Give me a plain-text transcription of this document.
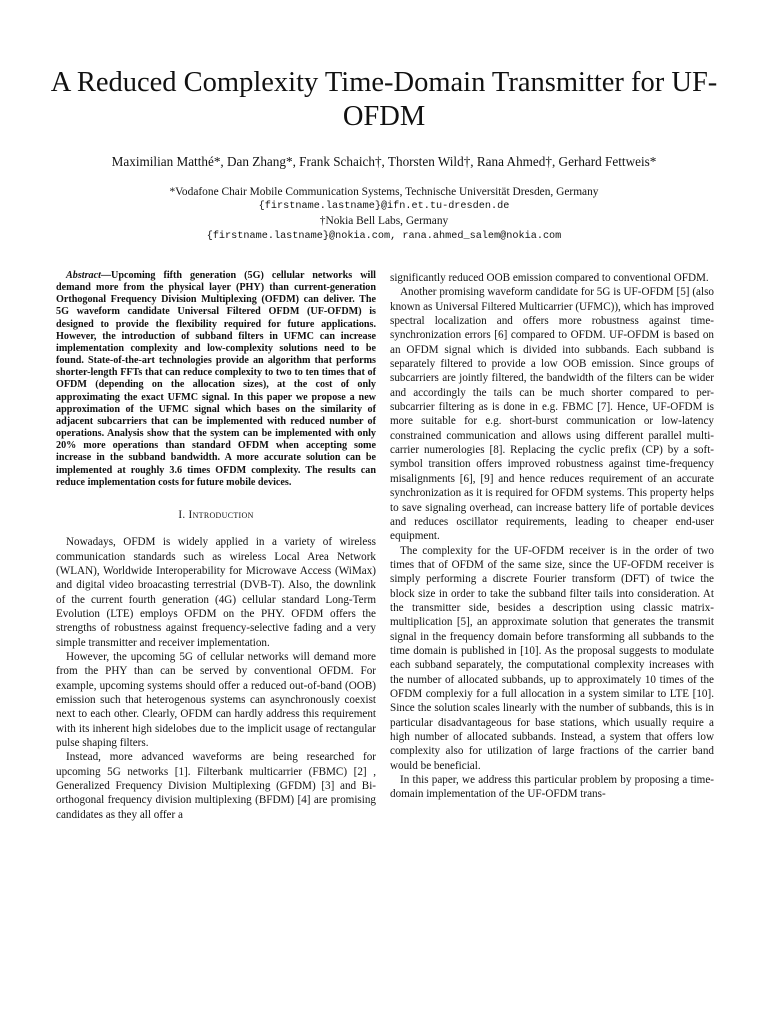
A Reduced Complexity Time-Domain Transmitter for UF-OFDM
Maximilian Matthé*, Dan Zhang*, Frank Schaich†, Thorsten Wild†, Rana Ahmed†, Gerhard Fettweis*
*Vodafone Chair Mobile Communication Systems, Technische Universität Dresden, Germany
{firstname.lastname}@ifn.et.tu-dresden.de
†Nokia Bell Labs, Germany
{firstname.lastname}@nokia.com, rana.ahmed_salem@nokia.com

Abstract—Upcoming fifth generation (5G) cellular networks will demand more from the physical layer (PHY) than current-generation Orthogonal Frequency Division Multiplexing (OFDM) can deliver. The 5G waveform candidate Universal Filtered OFDM (UF-OFDM) is designed to provide the flexibility required for future applications. However, the introduction of subband filters in UFMC can increase implementation complexity and low-complexity solutions need to be found. State-of-the-art technologies provide an algorithm that performs shorter-length FFTs that can reduce complexity to two to ten times that of OFDM (depending on the allocation sizes), at the cost of only approximating the exact UFMC signal. In this paper we propose a new approximation of the UFMC signal which bases on the similarity of adjacent subcarriers that can be implemented with reduced number of operations. Analysis show that the system can be implemented with only 20% more operations than standard OFDM when accepting some increase in the subband bandwidth. A more accurate solution can be implemented at roughly 3.6 times OFDM complexity. The results can reduce implementation costs for future mobile devices.

I. Introduction

Nowadays, OFDM is widely applied in a variety of wireless communication standards such as wireless Local Area Network (WLAN), Worldwide Interoperability for Microwave Access (WiMax) and digital video broacasting terrestrial (DVB-T). Also, the downlink of the current fourth generation (4G) cellular standard Long-Term Evolution (LTE) employs OFDM on the PHY. OFDM offers the strengths of robustness against frequency-selective fading and a very simple transmitter and receiver implementation.

However, the upcoming 5G of cellular networks will demand more from the PHY than can be served by conventional OFDM. For example, upcoming systems should offer a reduced out-of-band (OOB) emission such that heterogenous systems can asynchronously coexist next to each other. Clearly, OFDM can hardly address this requirement with its inherent high sidelobes due to the implicit usage of rectangular pulse shaping filters.

Instead, more advanced waveforms are being researched for upcoming 5G networks [1]. Filterbank multicarrier (FBMC) [2] , Generalized Frequency Division Multiplexing (GFDM) [3] and Bi-orthogonal frequency division multiplexing (BFDM) [4] are promising candidates as they all offer a

significantly reduced OOB emission compared to conventional OFDM.

Another promising waveform candidate for 5G is UF-OFDM [5] (also known as Universal Filtered Multicarrier (UFMC)), which has improved spectral localization and offers more robustness against time-synchronization errors [6] compared to OFDM. UF-OFDM is based on an OFDM signal which is divided into subbands. Each subband is separately filtered to provide a low OOB emission. Since groups of subcarriers are jointly filtered, the bandwidth of the filters can be wider and accordingly the tails can be much shorter compared to per-subcarrier filtering as is done in e.g. FBMC [7]. Hence, UF-OFDM is more suitable for e.g. short-burst communication or low-latency constrained communication and allows using different parallel multi-carrier numerologies [8]. Replacing the cyclic prefix (CP) by a soft-symbol transition offers improved robustness against time-frequency misalignments [6], [9] and hence reduces requirement of an accurate synchronization as it is required for OFDM systems. This property helps to save signaling overhead, can increase battery life of portable devices and reduces oscillator requirements, leading to cheaper end-user equipment.

The complexity for the UF-OFDM receiver is in the order of two times that of OFDM of the same size, since the UF-OFDM receiver is simply performing a discrete Fourier transform (DFT) of twice the block size in order to take the subband filter tails into consideration. At the transmitter side, besides a description using classic matrix-multiplication [5], an approximate solution that generates the transmit signal in the frequency domain before transforming all subbands to the time domain is published in [10]. As the proposal suggests to modulate each subband separately, the computational complexity increases with the number of allocated subbands, up to approximately 10 times of the OFDM complexiy for a full allocation in a system similar to LTE [10]. Since the solution scales linearly with the number of subbands, this is in particular disadvantageous for base stations, which usually require a high number of allocated subbands. Instead, a system that offers low complexity also for utilization of large fractions of the carrier band would be beneficial.

In this paper, we address this particular problem by proposing a time-domain implementation of the UF-OFDM trans-
